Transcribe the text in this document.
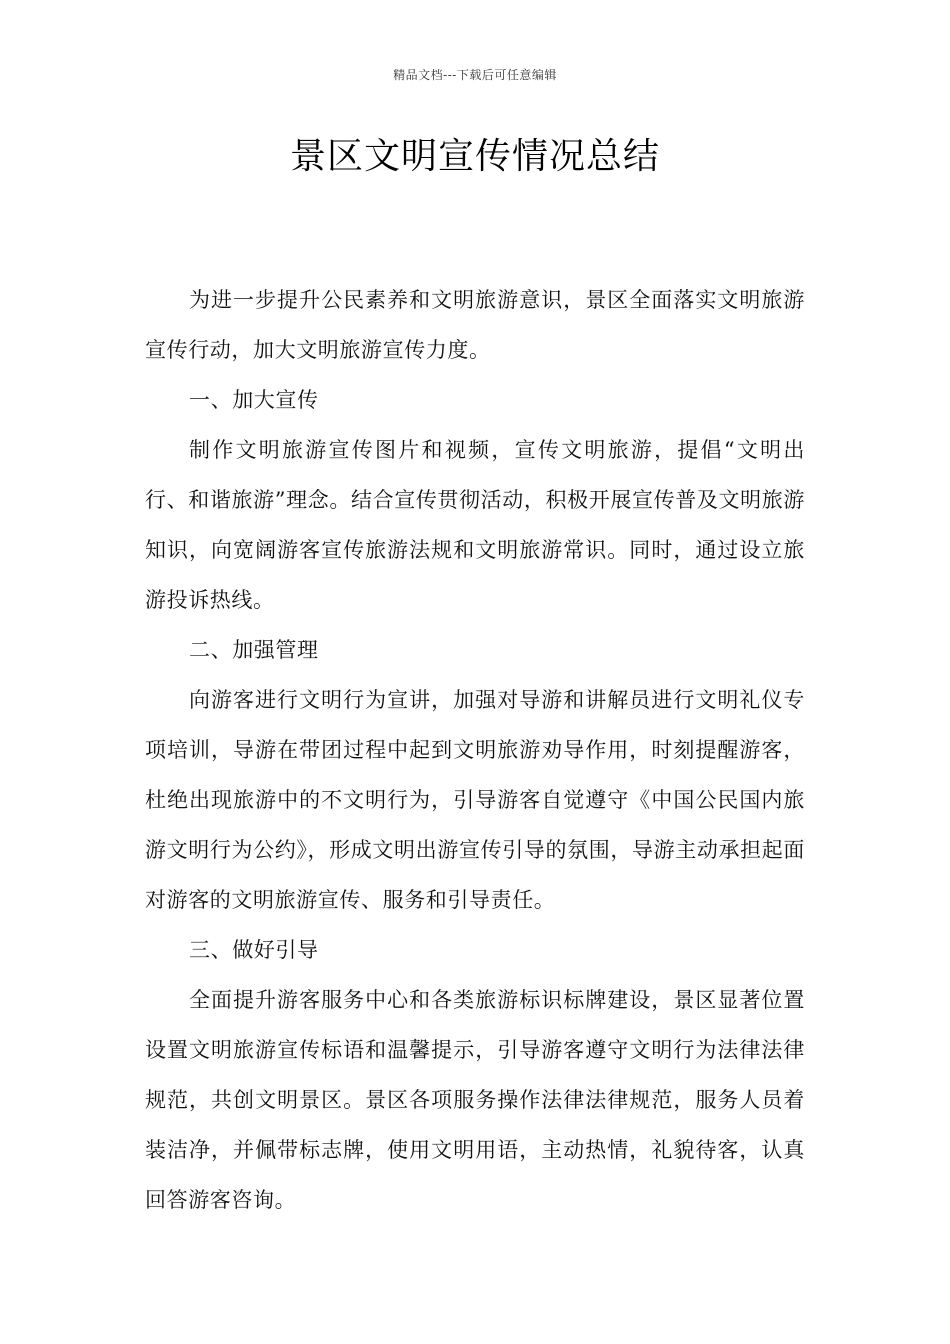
精品文档---下载后可任意编辑
景区文明宣传情况总结

为进一步提升公民素养和文明旅游意识，景区全面落实文明旅游宣传行动，加大文明旅游宣传力度。

一、加大宣传

制作文明旅游宣传图片和视频，宣传文明旅游，提倡“文明出行、和谐旅游”理念。结合宣传贯彻活动，积极开展宣传普及文明旅游知识，向宽阔游客宣传旅游法规和文明旅游常识。同时，通过设立旅游投诉热线。

二、加强管理

向游客进行文明行为宣讲，加强对导游和讲解员进行文明礼仪专项培训，导游在带团过程中起到文明旅游劝导作用，时刻提醒游客，杜绝出现旅游中的不文明行为，引导游客自觉遵守《中国公民国内旅游文明行为公约》，形成文明出游宣传引导的氛围，导游主动承担起面对游客的文明旅游宣传、服务和引导责任。

三、做好引导

全面提升游客服务中心和各类旅游标识标牌建设，景区显著位置设置文明旅游宣传标语和温馨提示，引导游客遵守文明行为法律法律规范，共创文明景区。景区各项服务操作法律法律规范，服务人员着装洁净，并佩带标志牌，使用文明用语，主动热情，礼貌待客，认真回答游客咨询。
